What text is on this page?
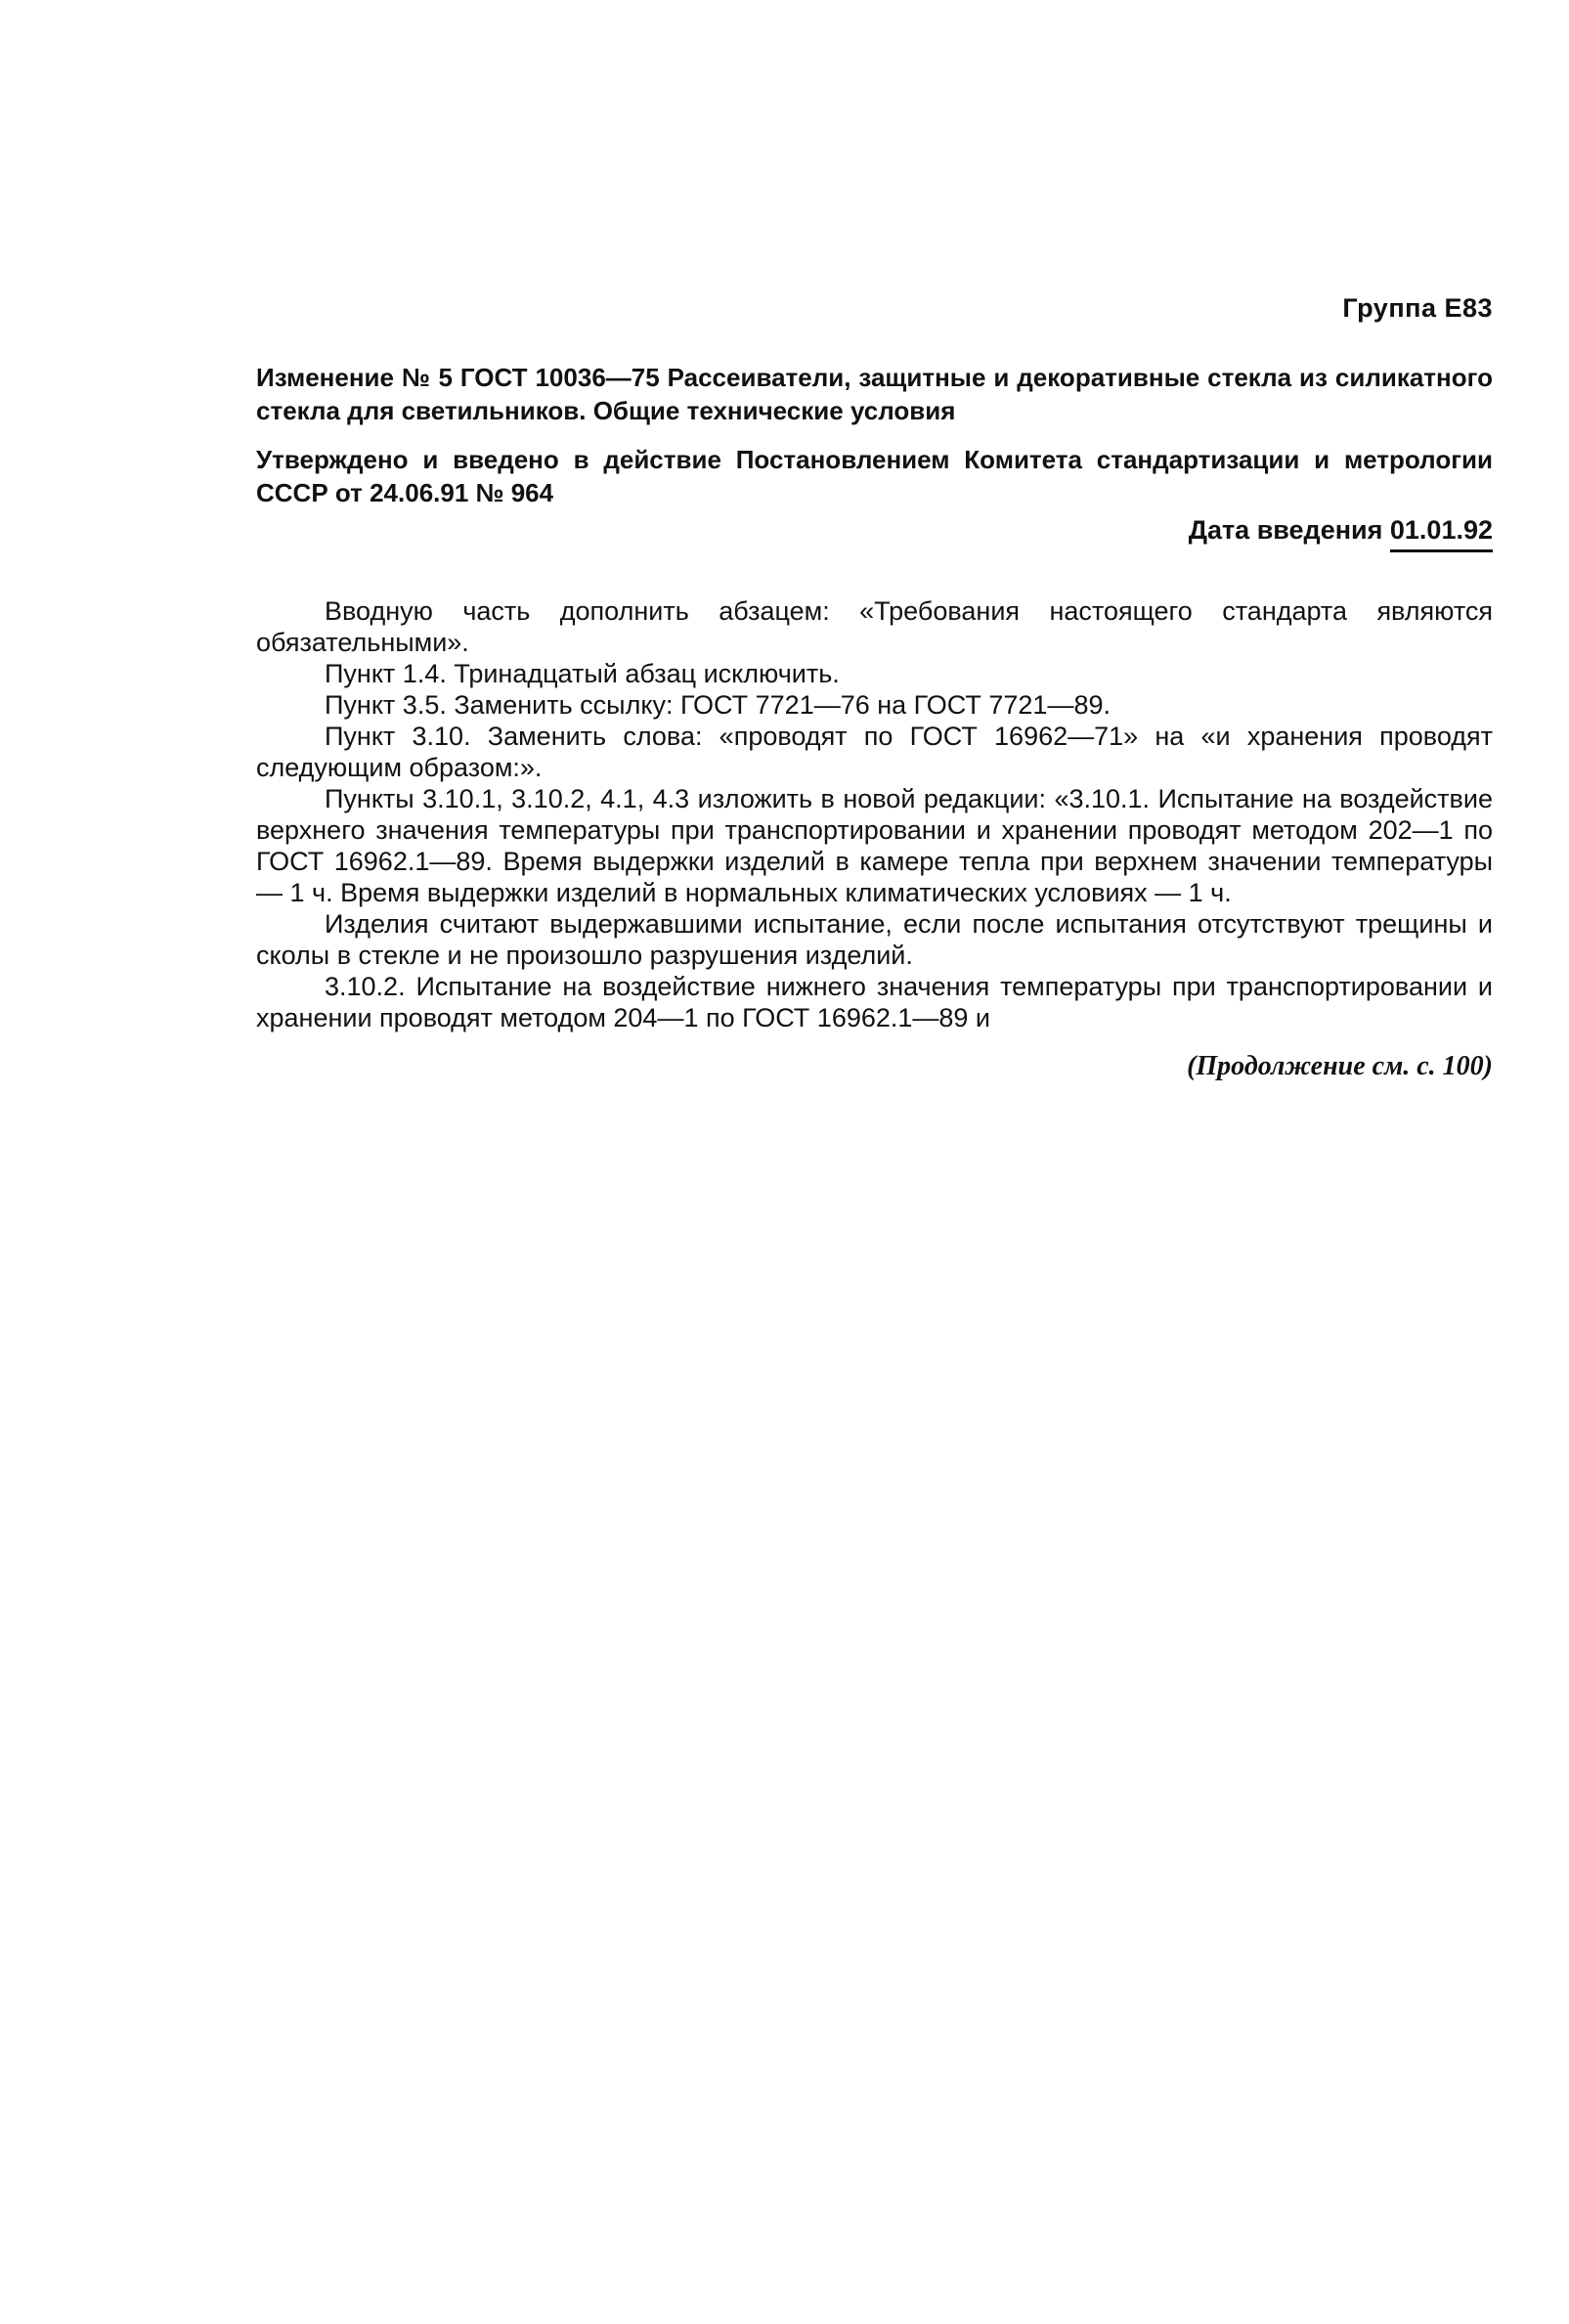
Группа Е83

Изменение № 5 ГОСТ 10036—75 Рассеиватели, защитные и декоративные стекла из силикатного стекла для светильников. Общие технические условия

Утверждено и введено в действие Постановлением Комитета стандартизации и метрологии СССР от 24.06.91 № 964

Дата введения 01.01.92

Вводную часть дополнить абзацем: «Требования настоящего стандарта являются обязательными».

Пункт 1.4. Тринадцатый абзац исключить.

Пункт 3.5. Заменить ссылку: ГОСТ 7721—76 на ГОСТ 7721—89.

Пункт 3.10. Заменить слова: «проводят по ГОСТ 16962—71» на «и хранения проводят следующим образом:».

Пункты 3.10.1, 3.10.2, 4.1, 4.3 изложить в новой редакции: «3.10.1. Испытание на воздействие верхнего значения температуры при транспортировании и хранении проводят методом 202—1 по ГОСТ 16962.1—89. Время выдержки изделий в камере тепла при верхнем значении температуры — 1 ч. Время выдержки изделий в нормальных климатических условиях — 1 ч.

Изделия считают выдержавшими испытание, если после испытания отсутствуют трещины и сколы в стекле и не произошло разрушения изделий.

3.10.2. Испытание на воздействие нижнего значения температуры при транспортировании и хранении проводят методом 204—1 по ГОСТ 16962.1—89 и

(Продолжение см. с. 100)
